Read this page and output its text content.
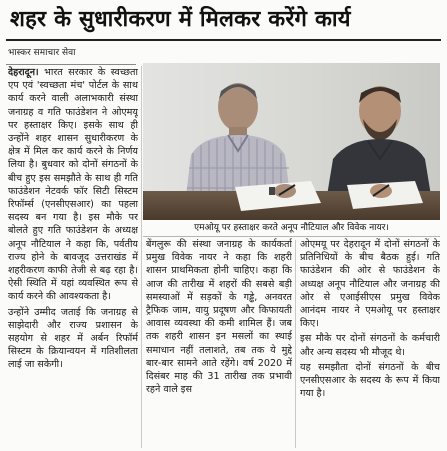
शहर के सुधारीकरण में मिलकर करेंगे कार्य
भास्कर समाचार सेवा

देहरादून। भारत सरकार के स्वच्छता एप एवं 'स्वच्छता मंच' पोर्टल के साथ कार्य करने वाली अलाभकारी संस्था जनाग्रह व गति फाउंडेशन ने ओएमयू पर हस्ताक्षर किए। इसके साथ ही उन्होंने शहर शासन सुधारीकरण के क्षेत्र में मिल कर कार्य करने के निर्णय लिया है। बुधवार को दोनों संगठनों के बीच हुए इस समझौते के साथ ही गति फाउंडेशन नेटवर्क फॉर सिटी सिस्टम रिफॉर्म्स (एनसीएसआर) का पहला सदस्य बन गया है। इस मौके पर बोलते हुए गति फाउंडेशन के अध्यक्ष अनूप नौटियाल ने कहा कि, पर्वतीय राज्य होने के बावजूद उत्तराखंड में शहरीकरण काफी तेजी से बढ़ रहा है। ऐसी स्थिति में यहां व्यवस्थित रूप से कार्य करने की आवश्यकता है।

उन्होंने उम्मीद जताई कि जनाग्रह से साझेदारी और राज्य प्रशासन के सहयोग से शहर में अर्बन रिफॉर्म सिस्टम के क्रियान्वयन में गतिशीलता लाई जा सकेगी।

एमओयू पर हस्ताक्षर करते अनूप नौटियाल और विवेक नायर।

बेंगलुरू की संस्था जनाग्रह के कार्यकर्ता प्रमुख विवेक नायर ने कहा कि शहरी शासन प्राथमिकता होनी चाहिए। कहा कि आज की तारीख में शहरों की सबसे बड़ी समस्याओं में सड़कों के गड्ढे, अनवरत ट्रैफिक जाम, वायु प्रदूषण और किफायती आवास व्यवस्था की कमी शामिल हैं। जब तक शहरी शासन इन मसलों का स्थाई समाधान नहीं तलाशते, तब तक ये मुद्दे बार-बार सामने आते रहेंगे। वर्ष 2020 में दिसंबर माह की 31 तारीख तक प्रभावी रहने वाले इस

ओएमयू पर देहरादून में दोनों संगठनों के प्रतिनिधियों के बीच बैठक हुई। गति फाउंडेशन की ओर से फाउंडेशन के अध्यक्ष अनूप नौटियाल और जनाग्रह की ओर से एआईसीएस प्रमुख विवेक आनंदम नायर ने एमओयू पर हस्ताक्षर किए।

इस मौके पर दोनों संगठनों के कर्मचारी और अन्य सदस्य भी मौजूद थे।

यह समझौता दोनों संगठनों के बीच एनसीएसआर के सदस्य के रूप में किया गया है।
